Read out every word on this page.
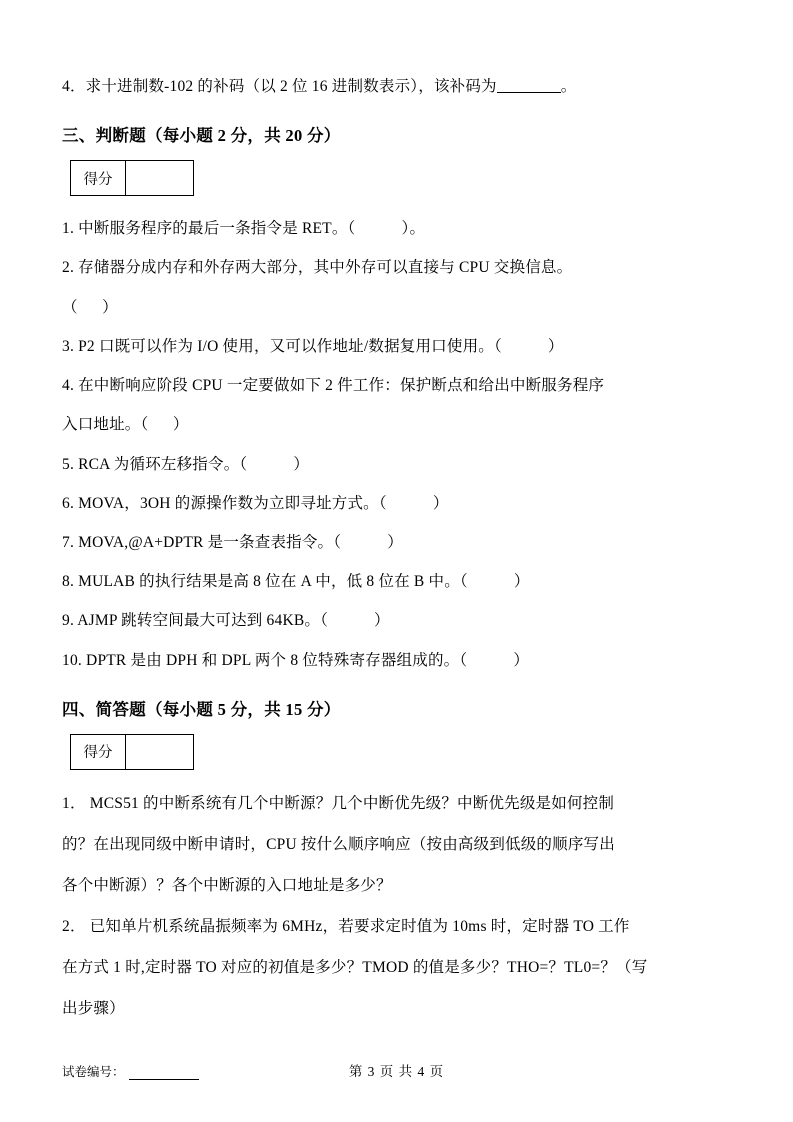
4．求十进制数-102 的补码（以 2 位 16 进制数表示），该补码为	。

三、判断题（每小题 2 分，共 20 分）
得分

1. 中断服务程序的最后一条指令是 RET。（	）。

2. 存储器分成内存和外存两大部分，其中外存可以直接与 CPU 交换信息。

（      ）

3. P2 口既可以作为 I/O 使用，又可以作地址/数据复用口使用。（	）

4. 在中断响应阶段 CPU 一定要做如下 2 件工作：保护断点和给出中断服务程序

入口地址。（      ）

5. RCA 为循环左移指令。（	）

6. MOVA，3OH 的源操作数为立即寻址方式。（	）

7. MOVA,@A+DPTR 是一条查表指令。（	）

8. MULAB 的执行结果是高 8 位在 A 中，低 8 位在 B 中。（	）

9. AJMP 跳转空间最大可达到 64KB。（	）

10. DPTR 是由 DPH 和 DPL 两个 8 位特殊寄存器组成的。（	）

四、简答题（每小题 5 分，共 15 分）
得分

1． MCS51 的中断系统有几个中断源？几个中断优先级？中断优先级是如何控制

的？在出现同级中断申请时，CPU 按什么顺序响应（按由高级到低级的顺序写出

各个中断源）？各个中断源的入口地址是多少？

2． 已知单片机系统晶振频率为 6MHz，若要求定时值为 10ms 时，定时器 TO 工作

在方式 1 时,定时器 TO 对应的初值是多少？TMOD 的值是多少？THO=？TL0=？（写

出步骤）

试卷编号：	第 3 页 共 4 页
